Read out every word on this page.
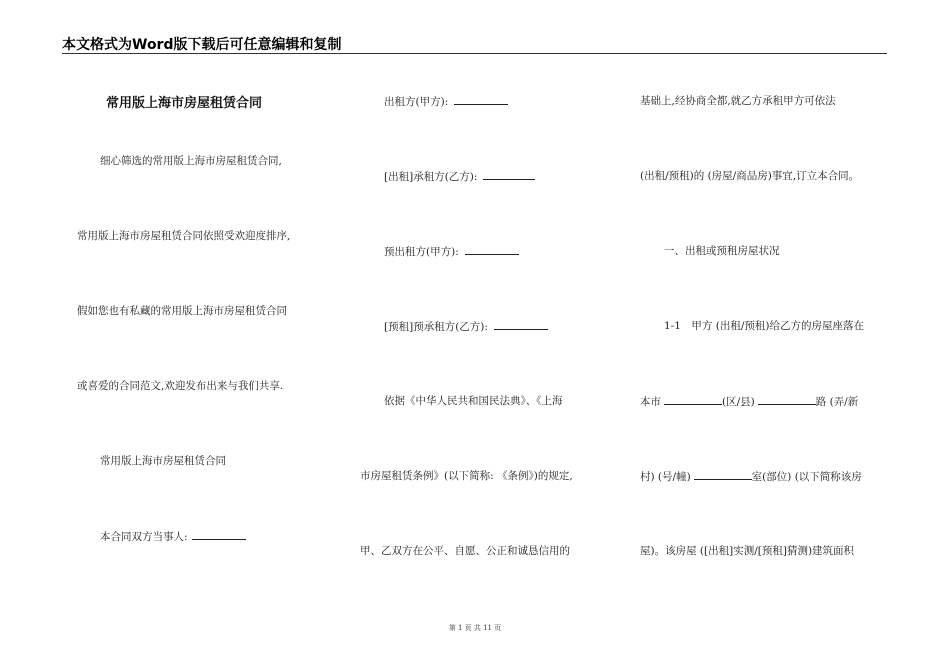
本文格式为Word版下载后可任意编辑和复制
常用版上海市房屋租赁合同
细心筛选的常用版上海市房屋租赁合同,
常用版上海市房屋租赁合同依照受欢迎度排序,
假如您也有私藏的常用版上海市房屋租赁合同
或喜爱的合同范文,欢迎发布出来与我们共享.
常用版上海市房屋租赁合同
本合同双方当事人:
出租方(甲方):
[出租]承租方(乙方):
预出租方(甲方):
[预租]预承租方(乙方):
依据《中华人民共和国民法典》、《上海
市房屋租赁条例》(以下简称: 《条例》)的规定,
甲、乙双方在公平、自愿、公正和诚恳信用的
基础上,经协商全都,就乙方承租甲方可依法
(出租/预租)的 (房屋/商品房)事宜,订立本合同。
一、出租或预租房屋状况
1-1　甲方 (出租/预租)给乙方的房屋座落在
本市	(区/县)	路 (弄/新
村) (号/幢)	室(部位) (以下简称该房
屋)。该房屋 ([出租]实测/[预租]猜测)建筑面积
第 1 页 共 11 页
